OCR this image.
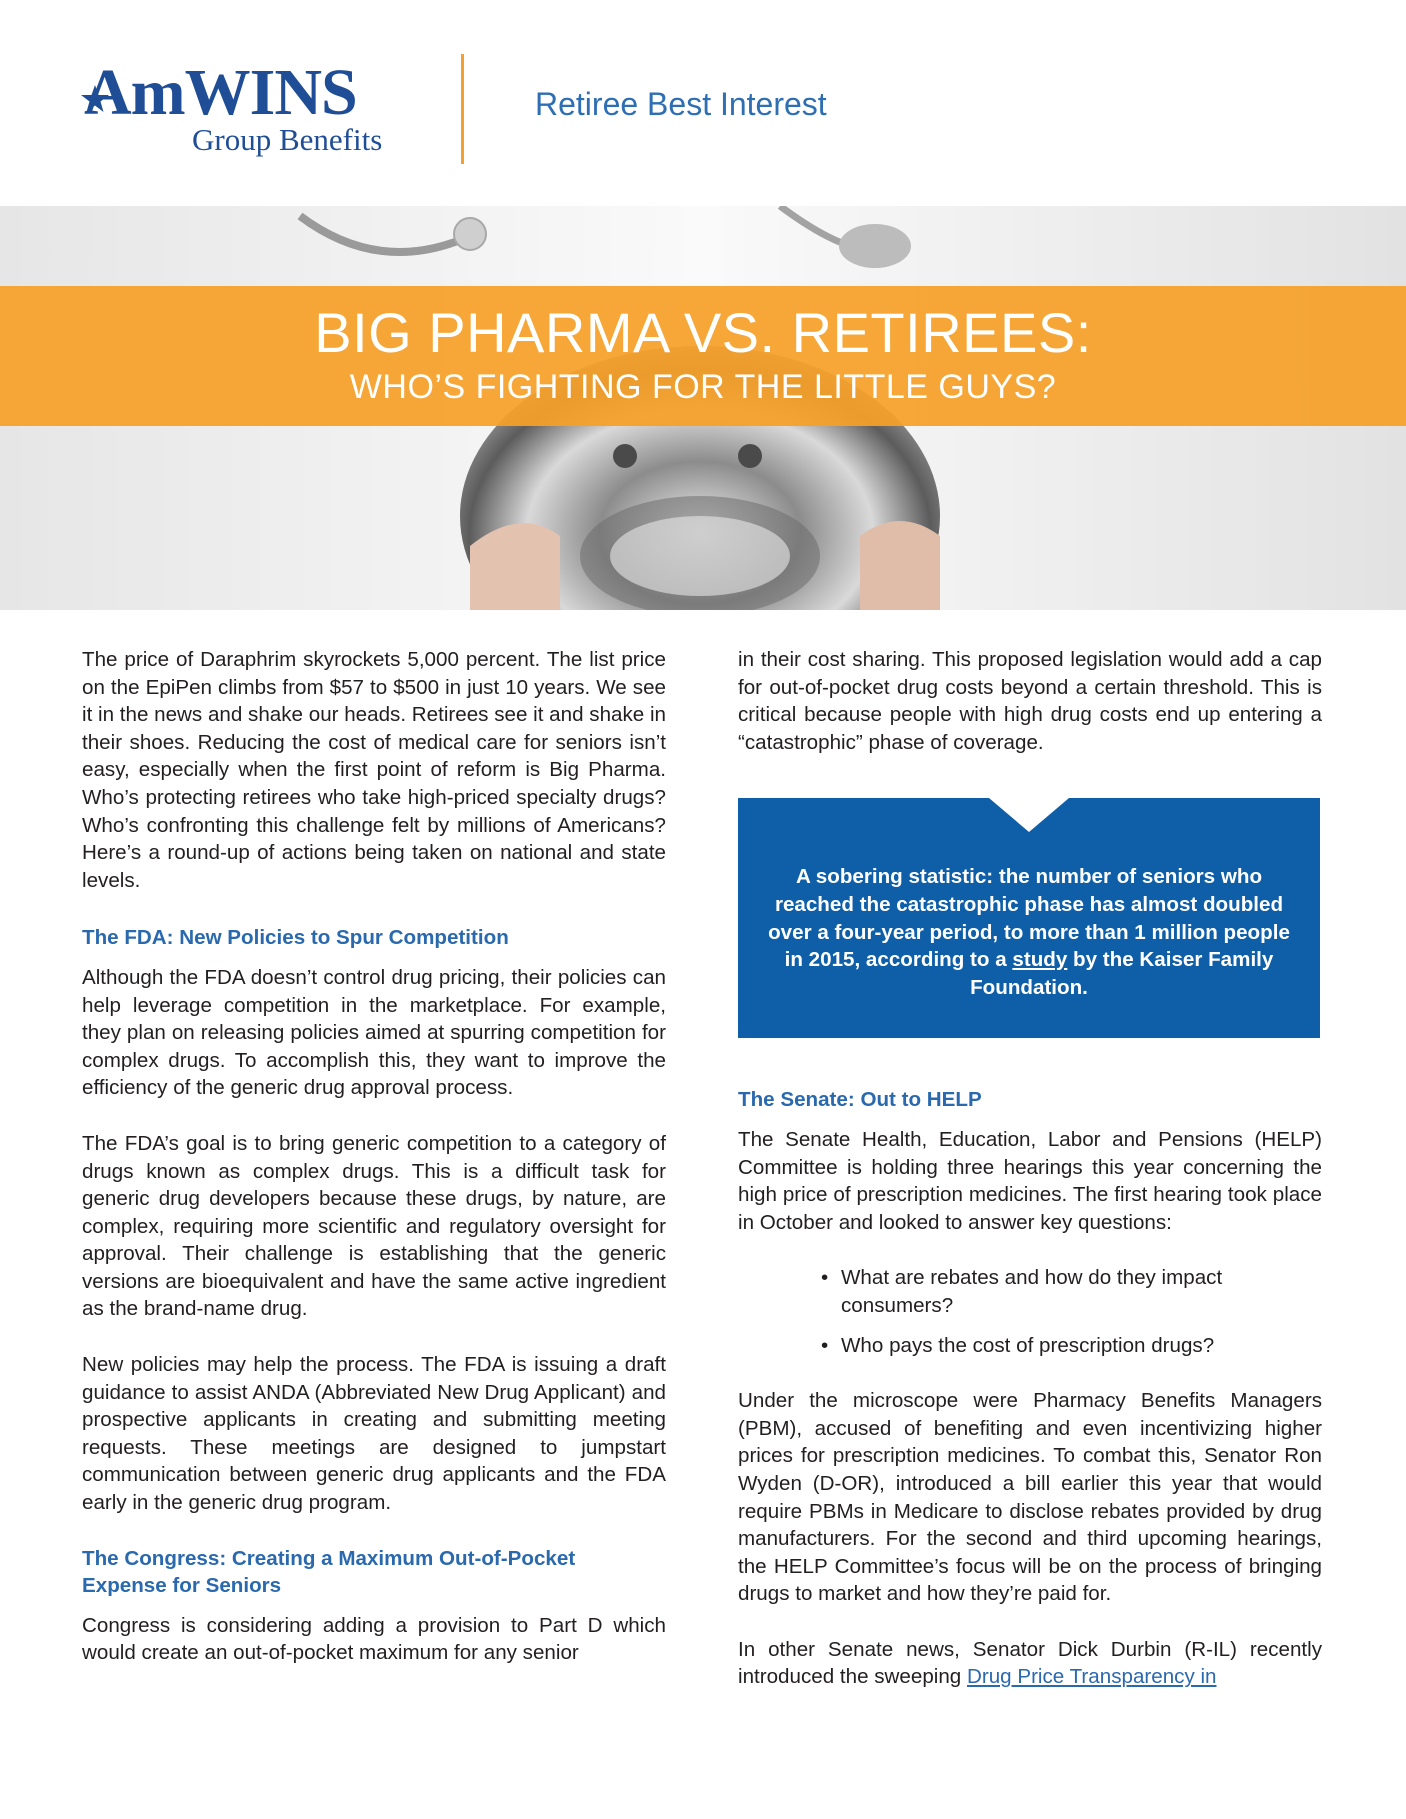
AmWINS
Group Benefits
Retiree Best Interest
BIG PHARMA VS. RETIREES:
WHO’S FIGHTING FOR THE LITTLE GUYS?

The price of Daraphrim skyrockets 5,000 percent. The list price on the EpiPen climbs from $57 to $500 in just 10 years. We see it in the news and shake our heads. Retirees see it and shake in their shoes. Reducing the cost of medical care for seniors isn’t easy, especially when the first point of reform is Big Pharma. Who’s protecting retirees who take high-priced specialty drugs? Who’s confronting this challenge felt by millions of Americans? Here’s a round-up of actions being taken on national and state levels.

The FDA: New Policies to Spur Competition

Although the FDA doesn’t control drug pricing, their policies can help leverage competition in the marketplace. For example, they plan on releasing policies aimed at spurring competition for complex drugs. To accomplish this, they want to improve the efficiency of the generic drug approval process.

The FDA’s goal is to bring generic competition to a category of drugs known as complex drugs. This is a difficult task for generic drug developers because these drugs, by nature, are complex, requiring more scientific and regulatory oversight for approval. Their challenge is establishing that the generic versions are bioequivalent and have the same active ingredient as the brand-name drug.

New policies may help the process. The FDA is issuing a draft guidance to assist ANDA (Abbreviated New Drug Applicant) and prospective applicants in creating and submitting meeting requests. These meetings are designed to jumpstart communication between generic drug applicants and the FDA early in the generic drug program.

The Congress: Creating a Maximum Out-of-Pocket Expense for Seniors

Congress is considering adding a provision to Part D which would create an out-of-pocket maximum for any senior

in their cost sharing. This proposed legislation would add a cap for out-of-pocket drug costs beyond a certain threshold. This is critical because people with high drug costs end up entering a “catastrophic” phase of coverage.

A sobering statistic: the number of seniors who reached the catastrophic phase has almost doubled over a four-year period, to more than 1 million people in 2015, according to a study by the Kaiser Family Foundation.
The Senate: Out to HELP

The Senate Health, Education, Labor and Pensions (HELP) Committee is holding three hearings this year concerning the high price of prescription medicines. The first hearing took place in October and looked to answer key questions:

• What are rebates and how do they impact consumers?
• Who pays the cost of prescription drugs?

Under the microscope were Pharmacy Benefits Managers (PBM), accused of benefiting and even incentivizing higher prices for prescription medicines. To combat this, Senator Ron Wyden (D-OR), introduced a bill earlier this year that would require PBMs in Medicare to disclose rebates provided by drug manufacturers. For the second and third upcoming hearings, the HELP Committee’s focus will be on the process of bringing drugs to market and how they’re paid for.

In other Senate news, Senator Dick Durbin (R-IL) recently introduced the sweeping Drug Price Transparency in
